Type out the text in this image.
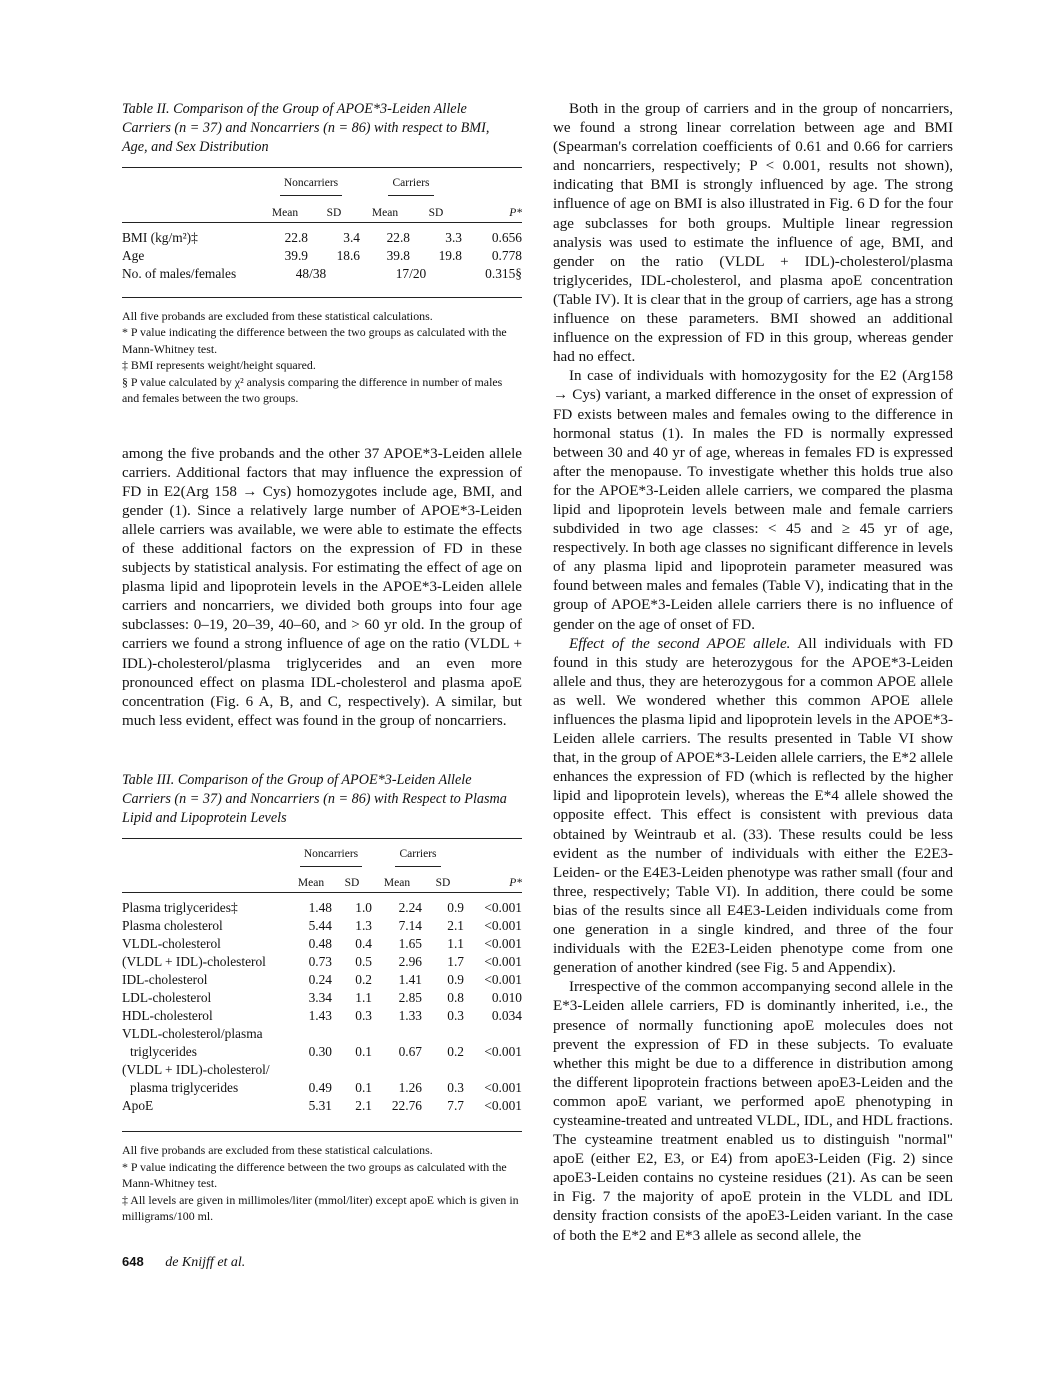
Table II. Comparison of the Group of APOE*3-Leiden Allele Carriers (n = 37) and Noncarriers (n = 86) with respect to BMI, Age, and Sex Distribution

	Noncarriers		Carriers		
	Mean	SD	Mean	SD	P*

BMI (kg/m²)‡	22.8	3.4	22.8	3.3	0.656
Age	39.9	18.6	39.8	19.8	0.778
No. of males/females	48/38		17/20		0.315§

All five probands are excluded from these statistical calculations.

* P value indicating the difference between the two groups as calculated with the Mann-Whitney test.

‡ BMI represents weight/height squared.

§ P value calculated by χ² analysis comparing the difference in number of males and females between the two groups.

among the five probands and the other 37 APOE*3-Leiden allele carriers. Additional factors that may influence the expression of FD in E2(Arg 158 → Cys) homozygotes include age, BMI, and gender (1). Since a relatively large number of APOE*3-Leiden allele carriers was available, we were able to estimate the effects of these additional factors on the expression of FD in these subjects by statistical analysis. For estimating the effect of age on plasma lipid and lipoprotein levels in the APOE*3-Leiden allele carriers and noncarriers, we divided both groups into four age subclasses: 0–19, 20–39, 40–60, and > 60 yr old. In the group of carriers we found a strong influence of age on the ratio (VLDL + IDL)-cholesterol/plasma triglycerides and an even more pronounced effect on plasma IDL-cholesterol and plasma apoE concentration (Fig. 6 A, B, and C, respectively). A similar, but much less evident, effect was found in the group of noncarriers.

Table III. Comparison of the Group of APOE*3-Leiden Allele Carriers (n = 37) and Noncarriers (n = 86) with Respect to Plasma Lipid and Lipoprotein Levels

	Noncarriers		Carriers		
	Mean	SD	Mean	SD	P*

Plasma triglycerides‡	1.48	1.0	2.24	0.9	<0.001
Plasma cholesterol	5.44	1.3	7.14	2.1	<0.001
VLDL-cholesterol	0.48	0.4	1.65	1.1	<0.001
(VLDL + IDL)-cholesterol	0.73	0.5	2.96	1.7	<0.001
IDL-cholesterol	0.24	0.2	1.41	0.9	<0.001
LDL-cholesterol	3.34	1.1	2.85	0.8	0.010
HDL-cholesterol	1.43	0.3	1.33	0.3	0.034
VLDL-cholesterol/plasma					
triglycerides	0.30	0.1	0.67	0.2	<0.001
(VLDL + IDL)-cholesterol/					
plasma triglycerides	0.49	0.1	1.26	0.3	<0.001
ApoE	5.31	2.1	22.76	7.7	<0.001

All five probands are excluded from these statistical calculations.

* P value indicating the difference between the two groups as calculated with the Mann-Whitney test.

‡ All levels are given in millimoles/liter (mmol/liter) except apoE which is given in milligrams/100 ml.

Both in the group of carriers and in the group of noncarriers, we found a strong linear correlation between age and BMI (Spearman's correlation coefficients of 0.61 and 0.66 for carriers and noncarriers, respectively; P < 0.001, results not shown), indicating that BMI is strongly influenced by age. The strong influence of age on BMI is also illustrated in Fig. 6 D for the four age subclasses for both groups. Multiple linear regression analysis was used to estimate the influence of age, BMI, and gender on the ratio (VLDL + IDL)-cholesterol/plasma triglycerides, IDL-cholesterol, and plasma apoE concentration (Table IV). It is clear that in the group of carriers, age has a strong influence on these parameters. BMI showed an additional influence on the expression of FD in this group, whereas gender had no effect.

In case of individuals with homozygosity for the E2 (Arg158 → Cys) variant, a marked difference in the onset of expression of FD exists between males and females owing to the difference in hormonal status (1). In males the FD is normally expressed between 30 and 40 yr of age, whereas in females FD is expressed after the menopause. To investigate whether this holds true also for the APOE*3-Leiden allele carriers, we compared the plasma lipid and lipoprotein levels between male and female carriers subdivided in two age classes: < 45 and ≥ 45 yr of age, respectively. In both age classes no significant difference in levels of any plasma lipid and lipoprotein parameter measured was found between males and females (Table V), indicating that in the group of APOE*3-Leiden allele carriers there is no influence of gender on the age of onset of FD.

Effect of the second APOE allele. All individuals with FD found in this study are heterozygous for the APOE*3-Leiden allele and thus, they are heterozygous for a common APOE allele as well. We wondered whether this common APOE allele influences the plasma lipid and lipoprotein levels in the APOE*3-Leiden allele carriers. The results presented in Table VI show that, in the group of APOE*3-Leiden allele carriers, the E*2 allele enhances the expression of FD (which is reflected by the higher lipid and lipoprotein levels), whereas the E*4 allele showed the opposite effect. This effect is consistent with previous data obtained by Weintraub et al. (33). These results could be less evident as the number of individuals with either the E2E3-Leiden- or the E4E3-Leiden phenotype was rather small (four and three, respectively; Table VI). In addition, there could be some bias of the results since all E4E3-Leiden individuals come from one generation in a single kindred, and three of the four individuals with the E2E3-Leiden phenotype come from one generation of another kindred (see Fig. 5 and Appendix).

Irrespective of the common accompanying second allele in the E*3-Leiden allele carriers, FD is dominantly inherited, i.e., the presence of normally functioning apoE molecules does not prevent the expression of FD in these subjects. To evaluate whether this might be due to a difference in distribution among the different lipoprotein fractions between apoE3-Leiden and the common apoE variant, we performed apoE phenotyping in cysteamine-treated and untreated VLDL, IDL, and HDL fractions. The cysteamine treatment enabled us to distinguish "normal" apoE (either E2, E3, or E4) from apoE3-Leiden (Fig. 2) since apoE3-Leiden contains no cysteine residues (21). As can be seen in Fig. 7 the majority of apoE protein in the VLDL and IDL density fraction consists of the apoE3-Leiden variant. In the case of both the E*2 and E*3 allele as second allele, the

648 de Knijff et al.
